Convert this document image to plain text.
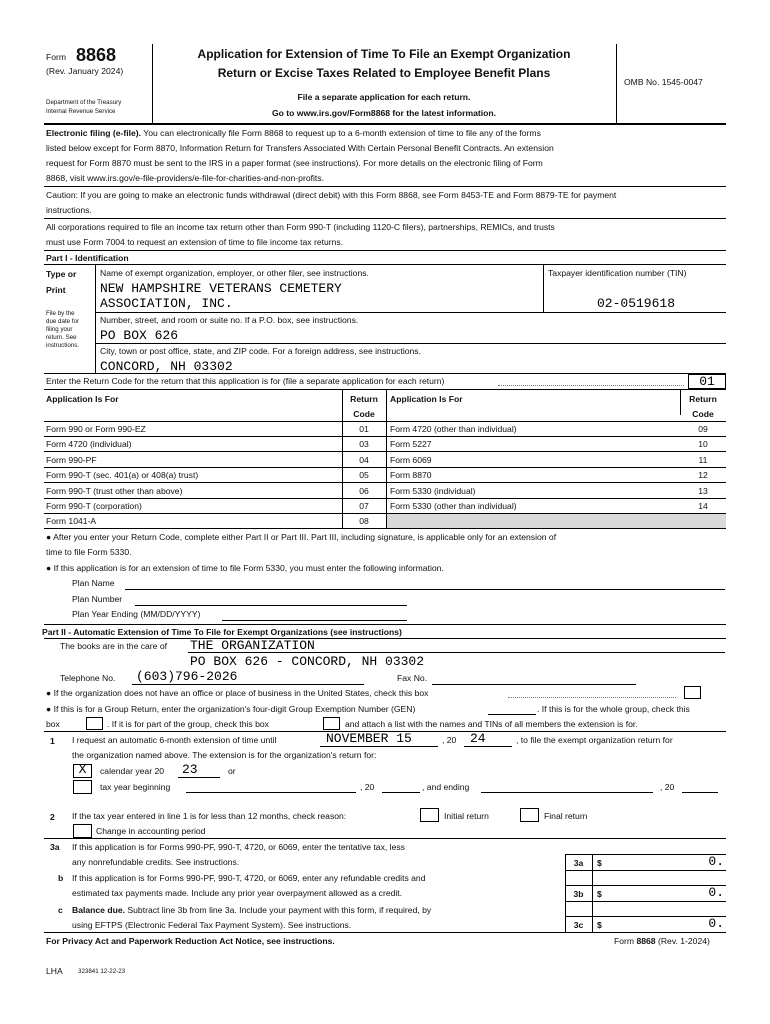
Form 8868
(Rev. January 2024)
Department of the Treasury
Internal Revenue Service
Application for Extension of Time To File an Exempt Organization
Return or Excise Taxes Related to Employee Benefit Plans
File a separate application for each return.
Go to www.irs.gov/Form8868 for the latest information.
OMB No. 1545-0047
Electronic filing (e-file). You can electronically file Form 8868 to request up to a 6-month extension of time to file any of the forms
listed below except for Form 8870, Information Return for Transfers Associated With Certain Personal Benefit Contracts. An extension
request for Form 8870 must be sent to the IRS in a paper format (see instructions). For more details on the electronic filing of Form
8868, visit www.irs.gov/e-file-providers/e-file-for-charities-and-non-profits.
Caution: If you are going to make an electronic funds withdrawal (direct debit) with this Form 8868, see Form 8453-TE and Form 8879-TE for payment
instructions.
All corporations required to file an income tax return other than Form 990-T (including 1120-C filers), partnerships, REMICs, and trusts
must use Form 7004 to request an extension of time to file income tax returns.
Part I - Identification
Type or
Print
File by the
due date for
filing your
return. See
instructions.
Name of exempt organization, employer, or other filer, see instructions.
NEW HAMPSHIRE VETERANS CEMETERY
ASSOCIATION, INC.
Taxpayer identification number (TIN)
02-0519618
Number, street, and room or suite no. If a P.O. box, see instructions.
PO BOX 626
City, town or post office, state, and ZIP code. For a foreign address, see instructions.
CONCORD, NH 03302
Enter the Return Code for the return that this application is for (file a separate application for each return)	01
Application Is For	Return
Code
Application Is For	Return
Code
Form 990 or Form 990-EZ	01
Form 4720 (individual)	03
Form 990-PF	04
Form 990-T (sec. 401(a) or 408(a) trust)	05
Form 990-T (trust other than above)	06
Form 990-T (corporation)	07
Form 1041-A	08
Form 4720 (other than individual)	09
Form 5227	10
Form 6069	11
Form 8870	12
Form 5330 (individual)	13
Form 5330 (other than individual)	14
● After you enter your Return Code, complete either Part II or Part III. Part III, including signature, is applicable only for an extension of
time to file Form 5330.
● If this application is for an extension of time to file Form 5330, you must enter the following information.
Plan Name
Plan Number
Plan Year Ending (MM/DD/YYYY)
Part II - Automatic Extension of Time To File for Exempt Organizations (see instructions)
The books are in the care of THE ORGANIZATION
PO BOX 626 - CONCORD, NH 03302
Telephone No. (603)796-2026	Fax No.
● If the organization does not have an office or place of business in the United States, check this box
● If this is for a Group Return, enter the organization's four-digit Group Exemption Number (GEN)	. If this is for the whole group, check this
box	. If it is for part of the group, check this box	and attach a list with the names and TINs of all members the extension is for.
1 I request an automatic 6-month extension of time until	NOVEMBER 15	, 20 24	, to file the exempt organization return for
the organization named above. The extension is for the organization's return for:
X	calendar year 20 23	or
tax year beginning	, 20	, and ending	, 20
2 If the tax year entered in line 1 is for less than 12 months, check reason:	Initial return	Final return
Change in accounting period
3a If this application is for Forms 990-PF, 990-T, 4720, or 6069, enter the tentative tax, less
any nonrefundable credits. See instructions.	3a	$	0.
b If this application is for Forms 990-PF, 990-T, 4720, or 6069, enter any refundable credits and
estimated tax payments made. Include any prior year overpayment allowed as a credit.	3b	$	0.
c Balance due. Subtract line 3b from line 3a. Include your payment with this form, if required, by
using EFTPS (Electronic Federal Tax Payment System). See instructions.	3c	$	0.
For Privacy Act and Paperwork Reduction Act Notice, see instructions.	Form 8868 (Rev. 1-2024)
LHA 323841 12-22-23
